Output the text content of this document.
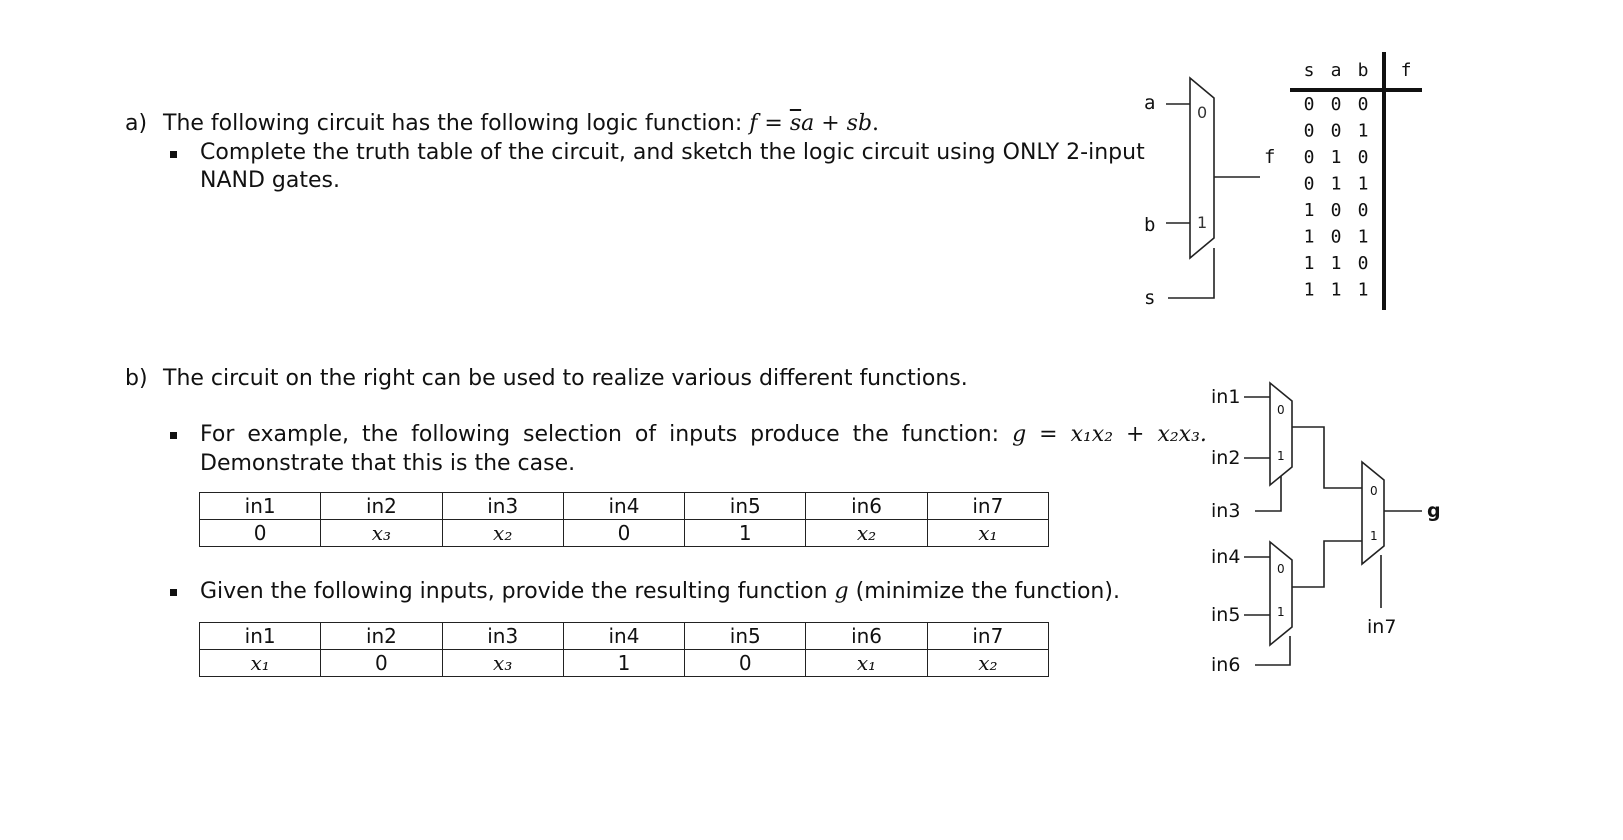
a) The following circuit has the following logic function: $f = \overline{s}a$ + sb.
Complete the truth table of the circuit, and sketch the logic circuit using ONLY 2-input
NAND gates.
b) The circuit on the right can be used to realize various different functions.
For example, the following selection of inputs produce the function: g = x₁x₂ + x₂x₃.
Demonstrate that this is the case.
in1	in2	in3	in4	in5	in6	in7
0	x₃	x₂	0	1	x₂	x₁
Given the following inputs, provide the resulting function g (minimize the function).
in1	in2	in3	in4	in5	in6	in7
x₁	0	x₃	1	0	x₁	x₂
a
b
s
f
0
1
s a b f
0 0 0
0 0 1
0 1 0
0 1 1
1 0 0
1 0 1
1 1 0
1 1 1
in1
in2
in3
in4
in5
in6
in7
g
0
1
0
1
0
1
